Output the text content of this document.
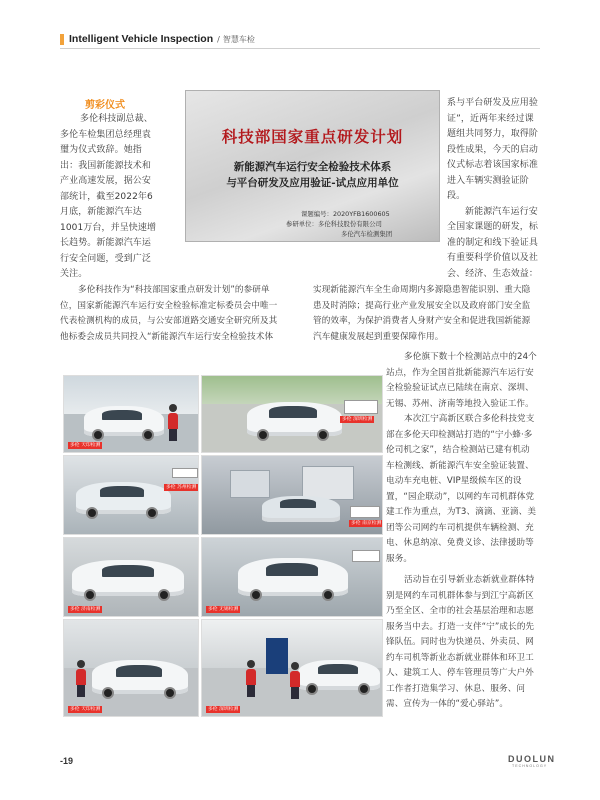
Intelligent Vehicle Inspection / 智慧车检
剪彩仪式
多伦科技副总裁、
多伦车检集团总经理袁
璽为仪式致辞。她指
出：我国新能源技术和
产业高速发展，据公安
部统计，截至2022年6
月底，新能源汽车达
1001万台，并呈快速增
长趋势。新能源汽车运
行安全问题，受到广泛
关注。
科技部国家重点研发计划
新能源汽车运行安全检验技术体系
与平台研发及应用验证-试点应用单位
课题编号：2020YFB1600605
参研单位：多伦科技股份有限公司
多伦汽车检测集团
系与平台研发及应用验
证”，近两年来经过课
题组共同努力，取得阶
段性成果，今天的启动
仪式标志着该国家标准
进入车辆实测验证阶
段。
新能源汽车运行安
全国家课题的研发，标
准的制定和线下验证具
有重要科学价值以及社
会、经济、生态效益：
多伦科技作为“科技部国家重点研发计划”的参研单
位，国家新能源汽车运行安全检验标准定标委员会中唯一
代表检测机构的成员，与公安部道路交通安全研究所及其
他标委会成员共同投入“新能源汽车运行安全检验技术体
实现新能源汽车全生命周期内多源隐患智能识别、重大隐
患及时消除；提高行业产业发展安全以及政府部门安全监
管的效率，为保护消费者人身财产安全和促进我国新能源
汽车健康发展起到重要保障作用。
多伦 天印检测
多伦 深圳检测
多伦 苏州检测
多伦 南京检测
多伦 济南检测	多伦 无锡检测
多伦 天印检测	多伦 深圳检测
多伦旗下数十个检测站点中的24个
站点，作为全国首批新能源汽车运行安
全检验验证试点已陆续在南京、深圳、
无锡、苏州、济南等地投入验证工作。
本次江宁高新区联合多伦科技党支
部在多伦天印检测站打造的“宁小蜂·多
伦司机之家”，结合检测站已建有机动
车检测线、新能源汽车安全验证装置、
电动车充电桩、VIP星级候车区的设
置，“园企联动”，以网约车司机群体党
建工作为重点，为T3、滴滴、亚滴、美
团等公司网约车司机提供车辆检测、充
电、休息纳凉、免费义诊、法律援助等
服务。
活动旨在引导新业态新就业群体特
别是网约车司机群体参与到江宁高新区
乃至全区、全市的社会基层治理和志愿
服务当中去。打造一支伴“宁”成长的先
锋队伍。同时也为快递员、外卖员、网
约车司机等新业态新就业群体和环卫工
人、建筑工人、停车管理员等广大户外
工作者打造集学习、休息、服务、问
需、宣传为一体的“爱心驿站”。
-19	DUOLUN
TECHNOLOGY
